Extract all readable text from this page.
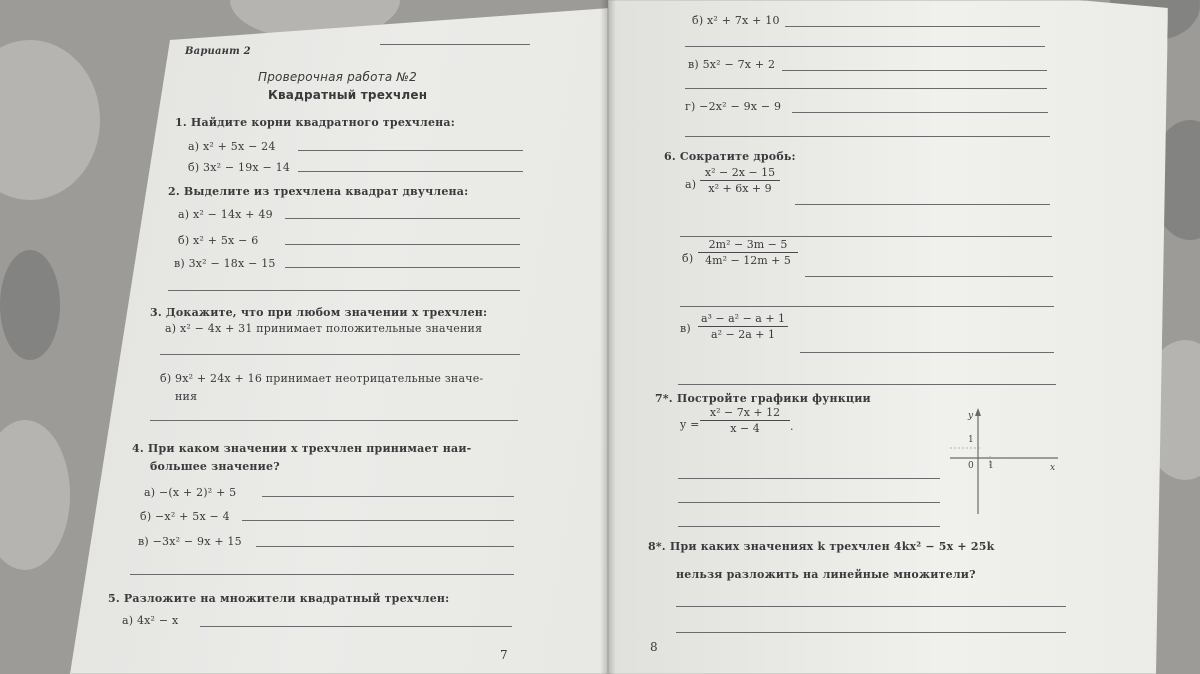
Вариант 2
Проверочная работа №2
Квадратный трехчлен
1. Найдите корни квадратного трехчлена:
а) x² + 5x − 24
б) 3x² − 19x − 14
2. Выделите из трехчлена квадрат двучлена:
а) x² − 14x + 49
б) x² + 5x − 6
в) 3x² − 18x − 15
3. Докажите, что при любом значении x трехчлен:
а) x² − 4x + 31 принимает положительные значения
б) 9x² + 24x + 16 принимает неотрицательные значе-
ния
4. При каком значении x трехчлен принимает наи-
большее значение?
а) −(x + 2)² + 5
б) −x² + 5x − 4
в) −3x² − 9x + 15
5. Разложите на множители квадратный трехчлен:
а) 4x² − x
7
б) x² + 7x + 10
в) 5x² − 7x + 2
г) −2x² − 9x − 9
6. Сократите дробь:
а)
x² − 2x − 15
x² + 6x + 9
б)
2m² − 3m − 5
4m² − 12m + 5
в)
a³ − a² − a + 1
a² − 2a + 1
7*. Постройте графики функции
y =
x² − 7x + 12
x − 4	.
y
x
0 1
1
8*. При каких значениях k трехчлен 4kx² − 5x + 25k
нельзя разложить на линейные множители?
8
